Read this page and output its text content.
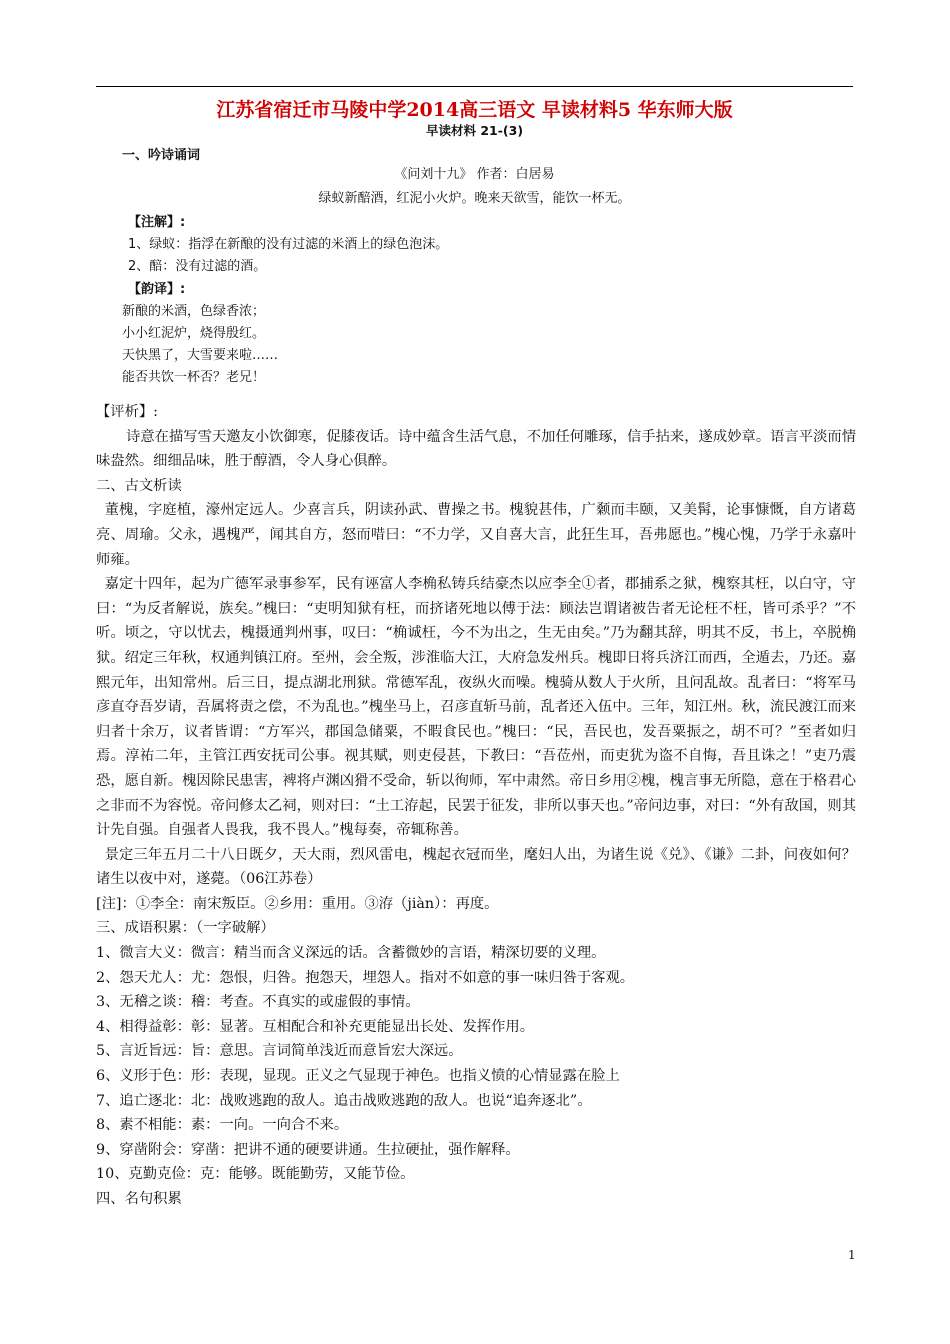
江苏省宿迁市马陵中学2014高三语文 早读材料5 华东师大版
早读材料 21-(3)
一、吟诗诵词
《问刘十九》 作者：白居易
绿蚁新醅酒，红泥小火炉。晚来天欲雪，能饮一杯无。
【注解】:
1、绿蚁：指浮在新酿的没有过滤的米酒上的绿色泡沫。
2、醅：没有过滤的酒。
【韵译】:
新酿的米酒，色绿香浓；
小小红泥炉，烧得殷红。
天快黑了，大雪要来啦……
能否共饮一杯否？老兄！

【评析】:

诗意在描写雪天邀友小饮御寒，促膝夜话。诗中蕴含生活气息，不加任何雕琢，信手拈来，遂成妙章。语言平淡而情味盎然。细细品味，胜于醇酒，令人身心俱醉。

二、古文析读

董槐，字庭植，濠州定远人。少喜言兵，阴读孙武、曹操之书。槐貌甚伟，广颡而丰颐，又美髯，论事慷慨，自方诸葛亮、周瑜。父永，遇槐严，闻其自方，怒而唶曰：“不力学，又自喜大言，此狂生耳，吾弗愿也。”槐心愧，乃学于永嘉叶师雍。

嘉定十四年，起为广德军录事参军，民有诬富人李桷私铸兵结豪杰以应李全①者，郡捕系之狱，槐察其枉，以白守，守曰：“为反者解说，族矣。”槐曰：“吏明知狱有枉，而挤诸死地以傅于法：顾法岂谓诸被告者无论枉不枉，皆可杀乎？”不听。顷之，守以忧去，槐摄通判州事，叹曰：“桷诚枉，今不为出之，生无由矣。”乃为翻其辞，明其不反，书上，卒脱桷狱。绍定三年秋，权通判镇江府。至州，会全叛，涉淮临大江，大府急发州兵。槐即日将兵济江而西，全遁去，乃还。嘉熙元年，出知常州。后三日，提点湖北刑狱。常德军乱，夜纵火而噪。槐骑从数人于火所，且问乱故。乱者曰：“将军马彦直夺吾岁请，吾属将责之偿，不为乱也。”槐坐马上，召彦直斩马前，乱者还入伍中。三年，知江州。秋，流民渡江而来归者十余万，议者皆谓：“方军兴，郡国急储粟，不暇食民也。”槐曰：“民，吾民也，发吾粟振之，胡不可？”至者如归焉。淳祐二年，主管江西安抚司公事。视其赋，则吏侵甚，下教曰：“吾莅州，而吏犹为盗不自悔，吾且诛之！”吏乃震恐，愿自新。槐因除民患害，裨将卢渊凶猾不受命，斩以徇师，军中肃然。帝日乡用②槐，槐言事无所隐，意在于格君心之非而不为容悦。帝问修太乙祠，则对曰：“土工洊起，民罢于征发，非所以事天也。”帝问边事，对曰：“外有敌国，则其计先自强。自强者人畏我，我不畏人。”槐每奏，帝辄称善。

景定三年五月二十八日既夕，天大雨，烈风雷电，槐起衣冠而坐，麾妇人出，为诸生说《兑》、《谦》二卦，问夜如何？诸生以夜中对，遂薨。（06江苏卷）

[注]：①李全：南宋叛臣。②乡用：重用。③洊（jiàn）：再度。

三、成语积累：（一字破解）

1、微言大义：微言：精当而含义深远的话。含蓄微妙的言语，精深切要的义理。

2、怨天尤人：尤：怨恨，归咎。抱怨天，埋怨人。指对不如意的事一味归咎于客观。

3、无稽之谈：稽：考查。不真实的或虚假的事情。

4、相得益彰：彰：显著。互相配合和补充更能显出长处、发挥作用。

5、言近旨远：旨：意思。言词简单浅近而意旨宏大深远。

6、义形于色：形：表现，显现。正义之气显现于神色。也指义愤的心情显露在脸上

7、追亡逐北：北：战败逃跑的敌人。追击战败逃跑的敌人。也说“追奔逐北”。

8、素不相能：素：一向。一向合不来。

9、穿凿附会：穿凿：把讲不通的硬要讲通。生拉硬扯，强作解释。

10、克勤克俭：克：能够。既能勤劳，又能节俭。

四、名句积累

1
